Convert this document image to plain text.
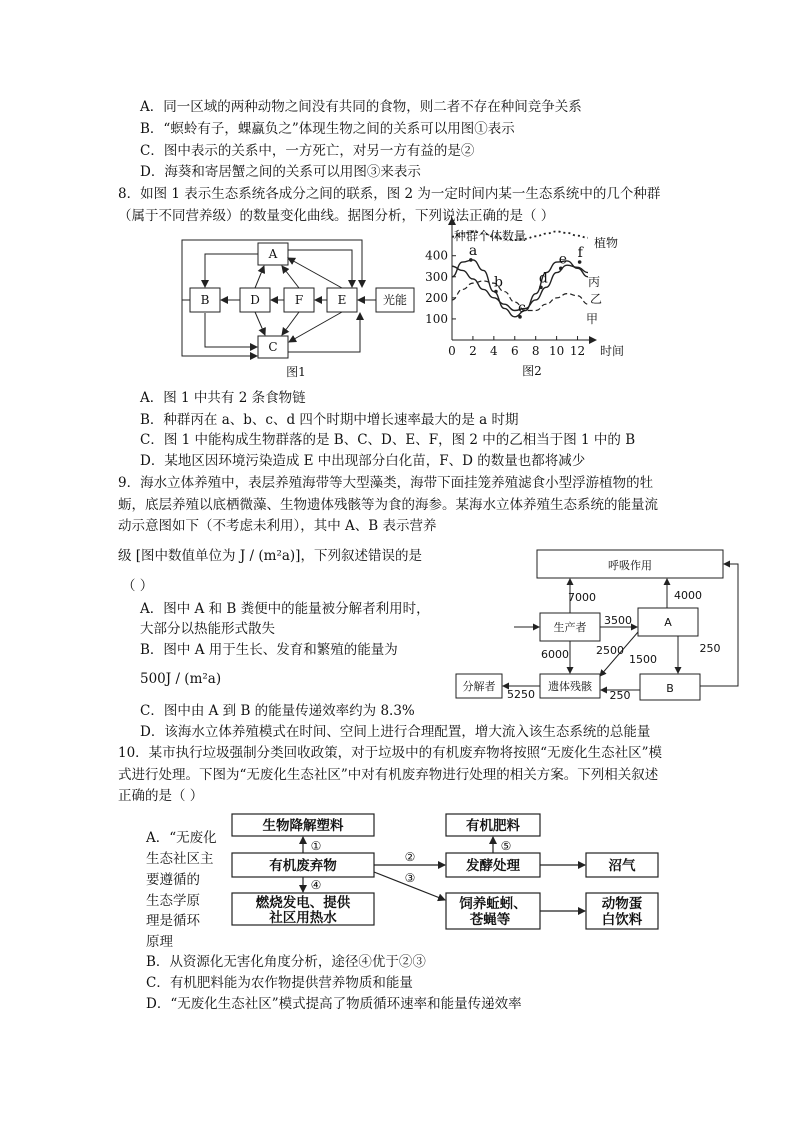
A．同一区域的两种动物之间没有共同的食物，则二者不存在种间竞争关系
B．“螟蛉有子，蜾蠃负之”体现生物之间的关系可以用图①表示
C．图中表示的关系中，一方死亡，对另一方有益的是②
D．海葵和寄居蟹之间的关系可以用图③来表示
8．如图 1 表示生态系统各成分之间的联系，图 2 为一定时间内某一生态系统中的几个种群
（属于不同营养级）的数量变化曲线。据图分析，下列说法正确的是（ ）
A
B
C
D	E
F	光能
图1
100
200
300
400
0 2 4 6 8 10 12
种群个体数量
时间
图2
植物
丙
乙
甲
a
b
c
d
e f
A．图 1 中共有 2 条食物链
B．种群丙在 a、b、c、d 四个时期中增长速率最大的是 a 时期
C．图 1 中能构成生物群落的是 B、C、D、E、F，图 2 中的乙相当于图 1 中的 B
D．某地区因环境污染造成 E 中出现部分白化苗，F、D 的数量也都将减少
9．海水立体养殖中，表层养殖海带等大型藻类，海带下面挂笼养殖滤食小型浮游植物的牡
蛎，底层养殖以底栖微藻、生物遗体残骸等为食的海参。某海水立体养殖生态系统的能量流
动示意图如下（不考虑未利用），其中 A、B 表示营养
级 [图中数值单位为 J / (m²a)]，下列叙述错误的是
（ ）
A．图中 A 和 B 粪便中的能量被分解者利用时，
大部分以热能形式散失
B．图中 A 用于生长、发育和繁殖的能量为
500J / (m²a)
C．图中由 A 到 B 的能量传递效率约为 8.3%
D．该海水立体养殖模式在时间、空间上进行合理配置，增大流入该生态系统的总能量
呼吸作用
生产者	A
遗体残骸	B
分解者
7000	4000
3500
2500
1500
6000	250
250
5250
10．某市执行垃圾强制分类回收政策，对于垃圾中的有机废弃物将按照“无废化生态社区”模
式进行处理。下图为“无废化生态社区”中对有机废弃物进行处理的相关方案。下列相关叙述
正确的是（ ）
A．“无废化
生态社区主
要遵循的
生态学原
理是循环
原理
生物降解塑料
有机废弃物
燃烧发电、提供
社区用热水
有机肥料
发酵处理	沼气
饲养蚯蚓、
苍蝇等
动物蛋
白饮料
①
②
③
④
⑤
B．从资源化无害化角度分析，途径④优于②③
C．有机肥料能为农作物提供营养物质和能量
D．“无废化生态社区”模式提高了物质循环速率和能量传递效率
